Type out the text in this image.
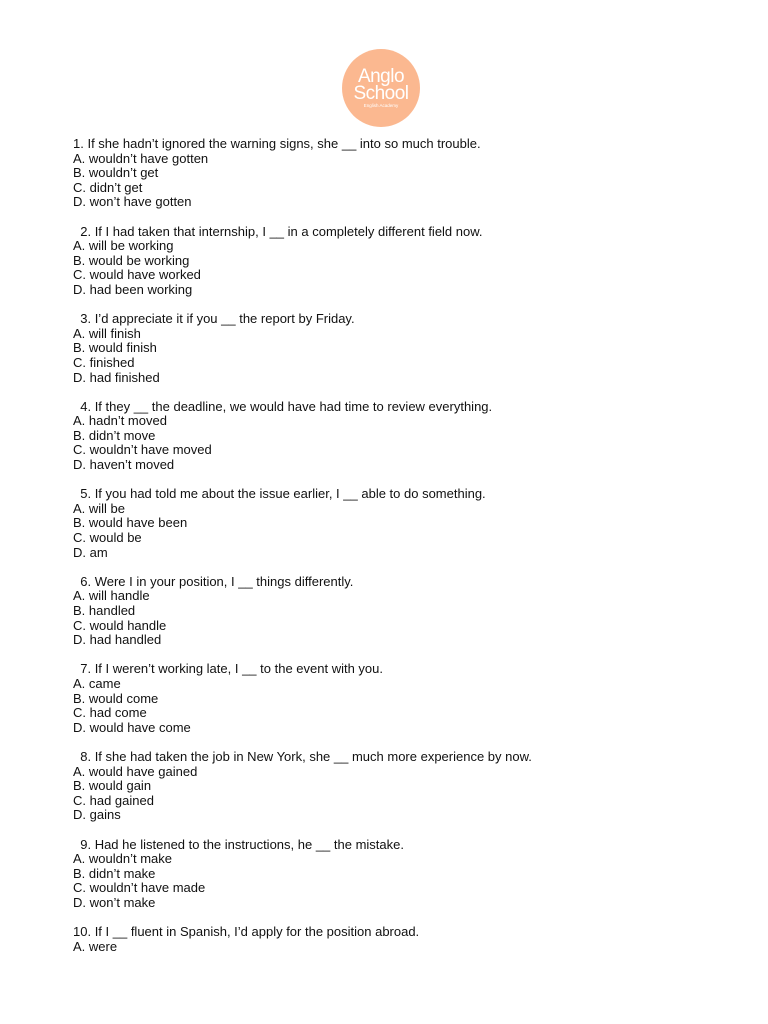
Anglo
School
English Academy
1. If she hadn’t ignored the warning signs, she __ into so much trouble.
A. wouldn’t have gotten
B. wouldn’t get
C. didn’t get
D. won’t have gotten
2. If I had taken that internship, I __ in a completely different field now.
A. will be working
B. would be working
C. would have worked
D. had been working
3. I’d appreciate it if you __ the report by Friday.
A. will finish
B. would finish
C. finished
D. had finished
4. If they __ the deadline, we would have had time to review everything.
A. hadn’t moved
B. didn’t move
C. wouldn’t have moved
D. haven’t moved
5. If you had told me about the issue earlier, I __ able to do something.
A. will be
B. would have been
C. would be
D. am
6. Were I in your position, I __ things differently.
A. will handle
B. handled
C. would handle
D. had handled
7. If I weren’t working late, I __ to the event with you.
A. came
B. would come
C. had come
D. would have come
8. If she had taken the job in New York, she __ much more experience by now.
A. would have gained
B. would gain
C. had gained
D. gains
9. Had he listened to the instructions, he __ the mistake.
A. wouldn’t make
B. didn’t make
C. wouldn’t have made
D. won’t make
10. If I __ fluent in Spanish, I’d apply for the position abroad.
A. were
